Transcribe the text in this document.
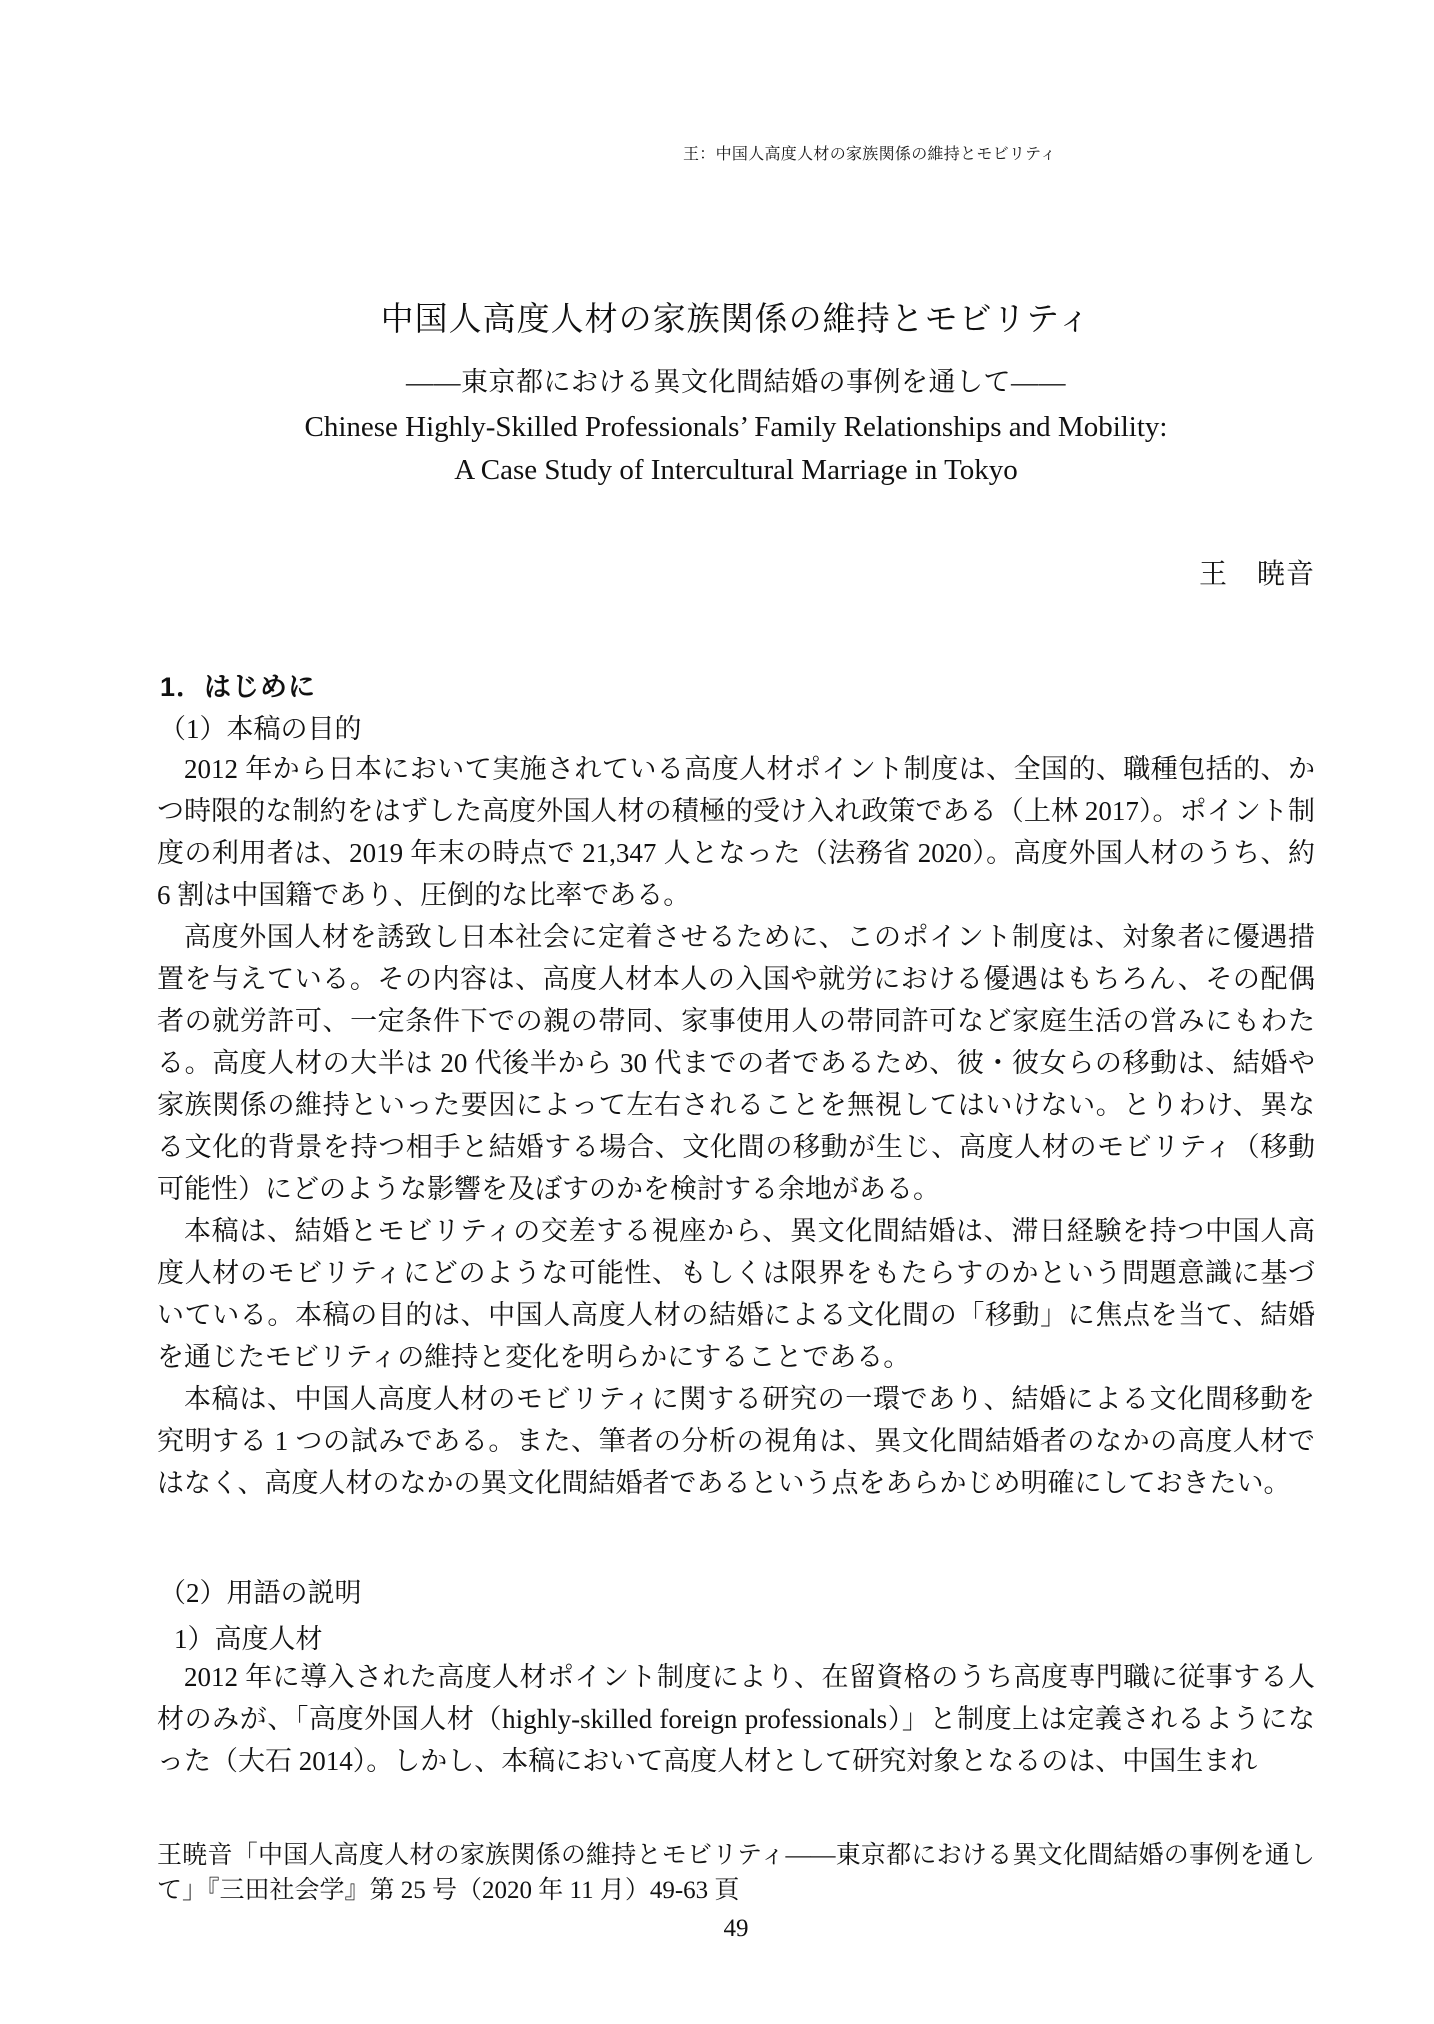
王：中国人高度人材の家族関係の維持とモビリティ
中国人高度人材の家族関係の維持とモビリティ
――東京都における異文化間結婚の事例を通して――
Chinese Highly-Skilled Professionals’ Family Relationships and Mobility:
A Case Study of Intercultural Marriage in Tokyo
王　暁音
1．はじめに
（1）本稿の目的

2012 年から日本において実施されている高度人材ポイント制度は、全国的、職種包括的、かつ時限的な制約をはずした高度外国人材の積極的受け入れ政策である（上林 2017）。ポイント制度の利用者は、2019 年末の時点で 21,347 人となった（法務省 2020）。高度外国人材のうち、約 6 割は中国籍であり、圧倒的な比率である。

高度外国人材を誘致し日本社会に定着させるために、このポイント制度は、対象者に優遇措置を与えている。その内容は、高度人材本人の入国や就労における優遇はもちろん、その配偶者の就労許可、一定条件下での親の帯同、家事使用人の帯同許可など家庭生活の営みにもわたる。高度人材の大半は 20 代後半から 30 代までの者であるため、彼・彼女らの移動は、結婚や家族関係の維持といった要因によって左右されることを無視してはいけない。とりわけ、異なる文化的背景を持つ相手と結婚する場合、文化間の移動が生じ、高度人材のモビリティ（移動可能性）にどのような影響を及ぼすのかを検討する余地がある。

本稿は、結婚とモビリティの交差する視座から、異文化間結婚は、滞日経験を持つ中国人高度人材のモビリティにどのような可能性、もしくは限界をもたらすのかという問題意識に基づいている。本稿の目的は、中国人高度人材の結婚による文化間の「移動」に焦点を当て、結婚を通じたモビリティの維持と変化を明らかにすることである。

本稿は、中国人高度人材のモビリティに関する研究の一環であり、結婚による文化間移動を究明する 1 つの試みである。また、筆者の分析の視角は、異文化間結婚者のなかの高度人材ではなく、高度人材のなかの異文化間結婚者であるという点をあらかじめ明確にしておきたい。

（2）用語の説明
1）高度人材

2012 年に導入された高度人材ポイント制度により、在留資格のうち高度専門職に従事する人材のみが、「高度外国人材（highly-skilled foreign professionals）」と制度上は定義されるようになった（大石 2014）。しかし、本稿において高度人材として研究対象となるのは、中国生まれ

王暁音「中国人高度人材の家族関係の維持とモビリティ――東京都における異文化間結婚の事例を通して」『三田社会学』第 25 号（2020 年 11 月）49-63 頁
49
